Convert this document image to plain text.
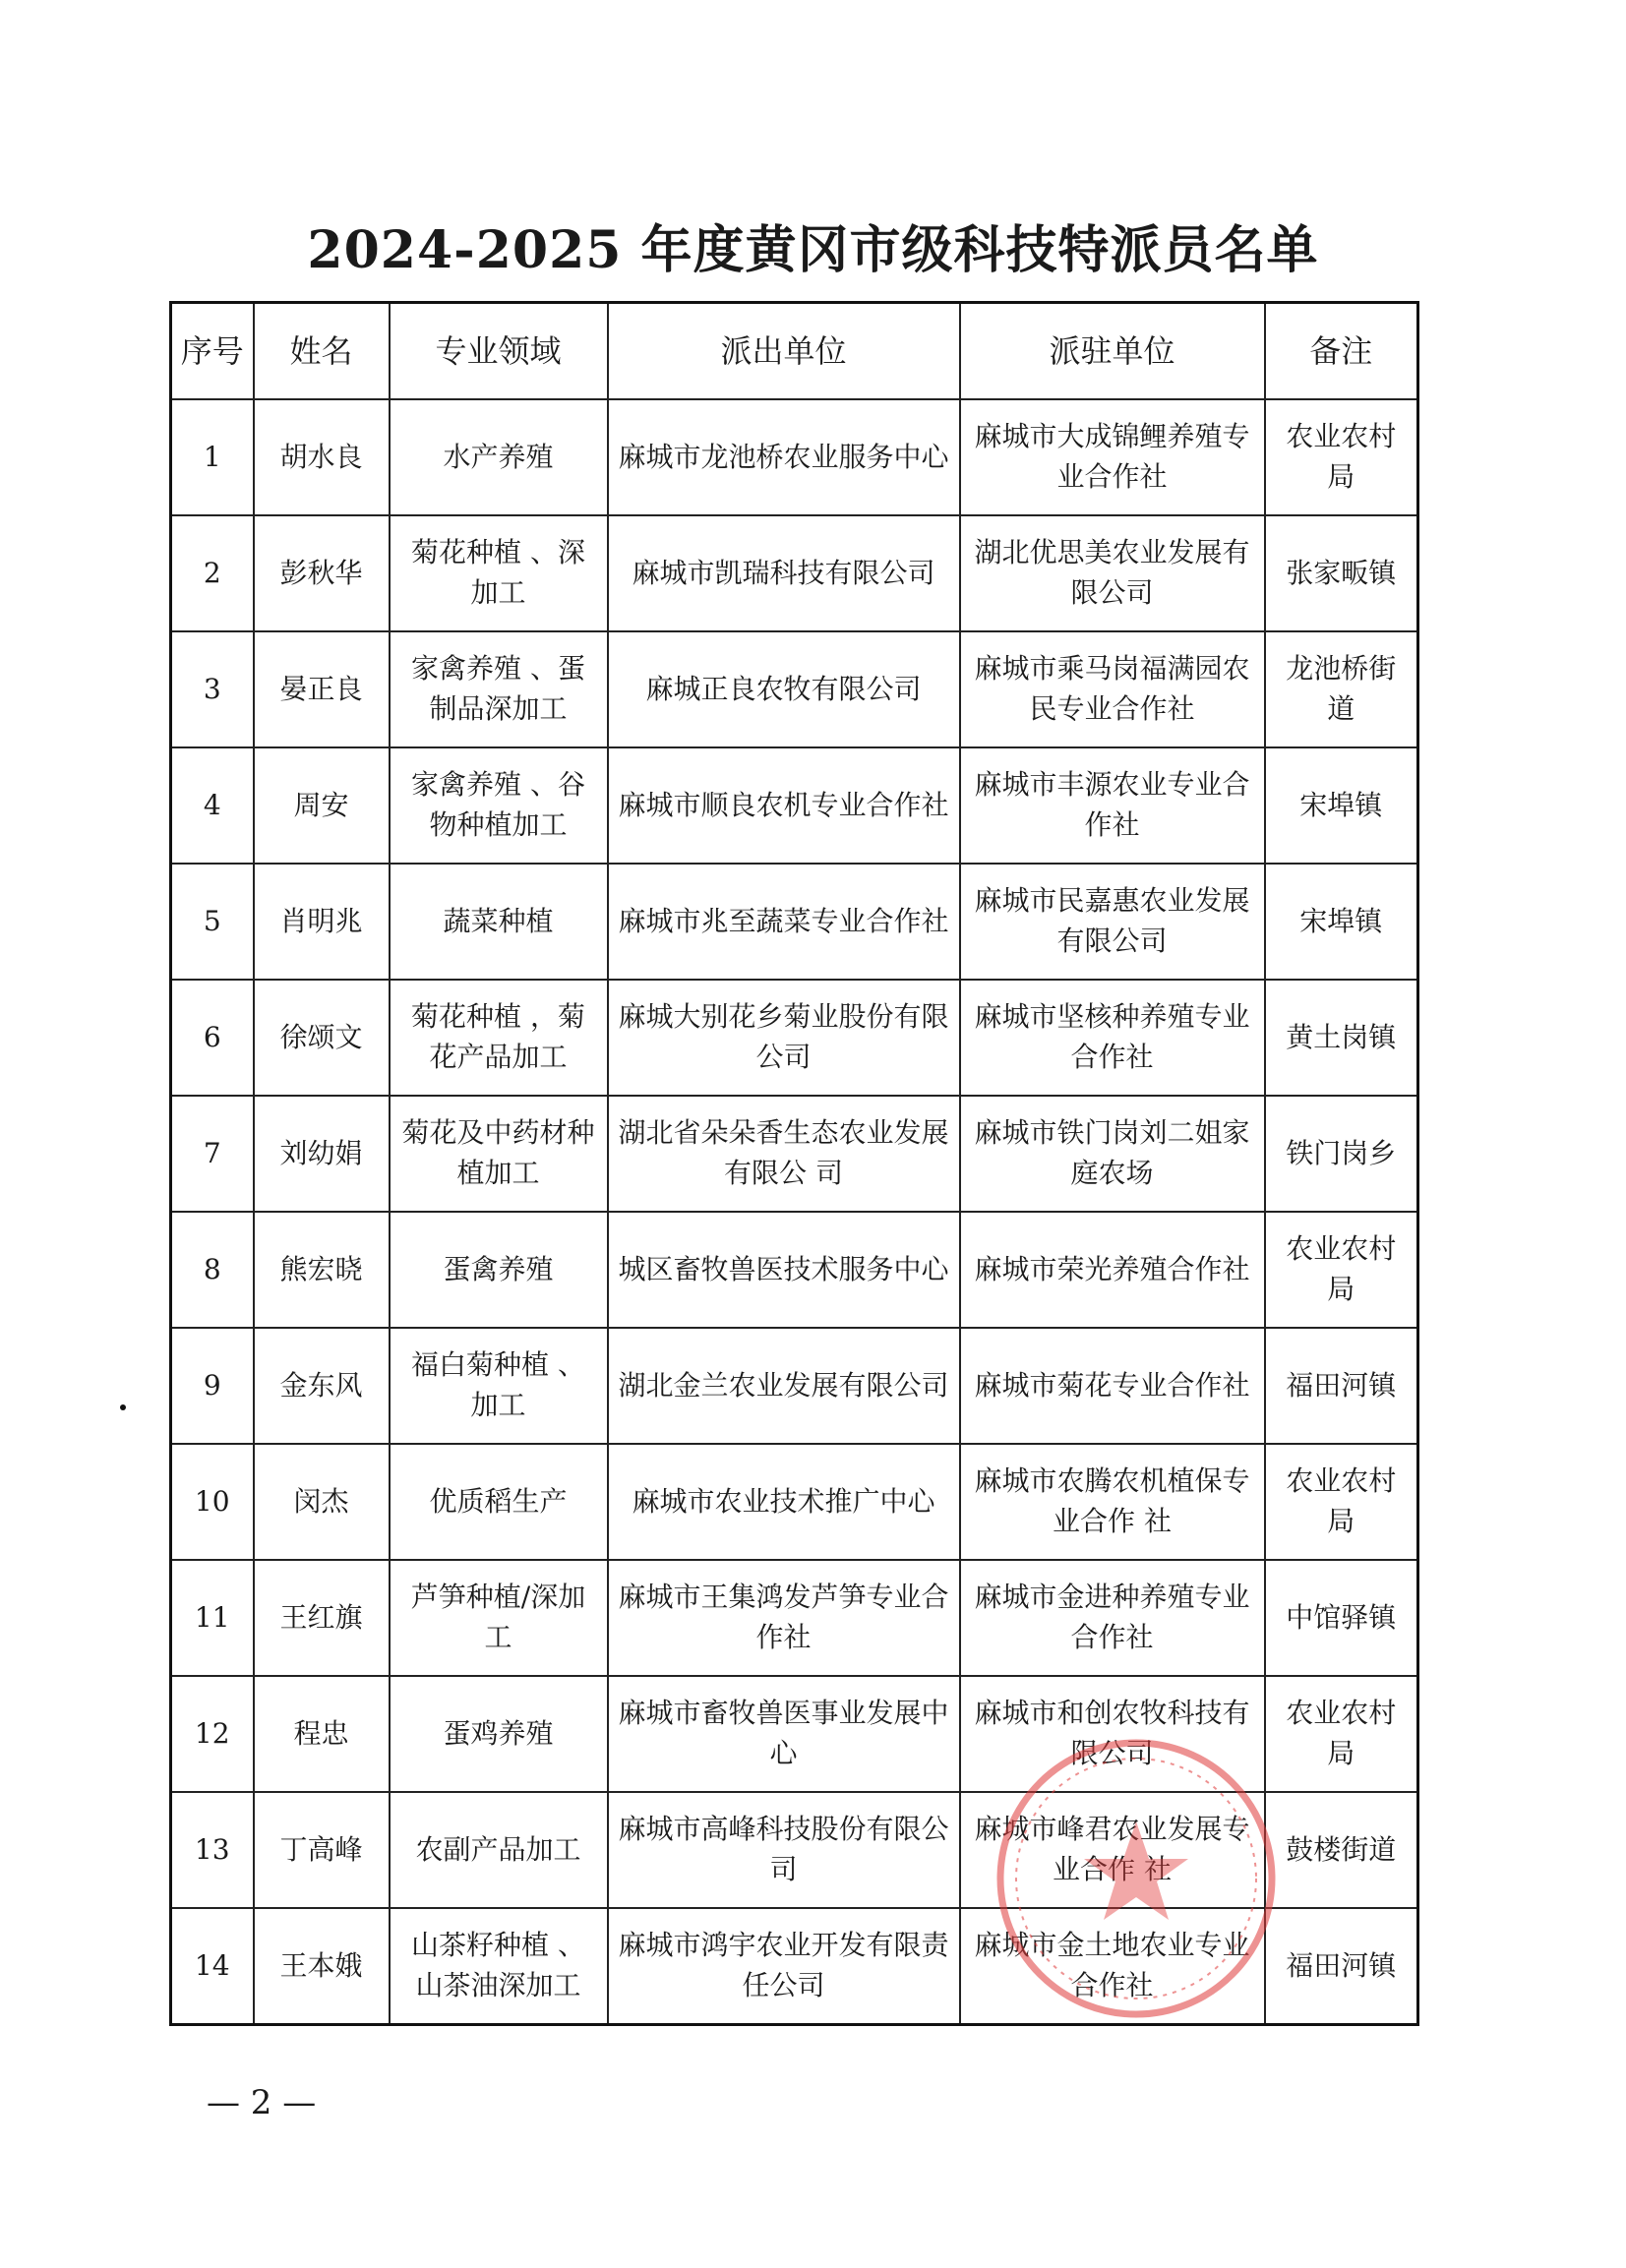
2024-2025 年度黄冈市级科技特派员名单
序号	姓名	专业领域	派出单位	派驻单位	备注
1	胡水良	水产养殖	麻城市龙池桥农业服务中心	麻城市大成锦鲤养殖专业合作社	农业农村局
2	彭秋华	菊花种植 、深加工	麻城市凯瑞科技有限公司	湖北优思美农业发展有限公司	张家畈镇
3	晏正良	家禽养殖 、蛋制品深加工	麻城正良农牧有限公司	麻城市乘马岗福满园农民专业合作社	龙池桥街道
4	周安	家禽养殖 、谷物种植加工	麻城市顺良农机专业合作社	麻城市丰源农业专业合作社	宋埠镇
5	肖明兆	蔬菜种植	麻城市兆至蔬菜专业合作社	麻城市民嘉惠农业发展有限公司	宋埠镇
6	徐颂文	菊花种植 ，菊花产品加工	麻城大别花乡菊业股份有限公司	麻城市坚核种养殖专业合作社	黄土岗镇
7	刘幼娟	菊花及中药材种植加工	湖北省朵朵香生态农业发展有限公 司	麻城市铁门岗刘二姐家庭农场	铁门岗乡
8	熊宏晓	蛋禽养殖	城区畜牧兽医技术服务中心	麻城市荣光养殖合作社	农业农村局
9	金东风	福白菊种植 、加工	湖北金兰农业发展有限公司	麻城市菊花专业合作社	福田河镇
10	闵杰	优质稻生产	麻城市农业技术推广中心	麻城市农腾农机植保专业合作 社	农业农村局
11	王红旗	芦笋种植/深加工	麻城市王集鸿发芦笋专业合作社	麻城市金进种养殖专业合作社	中馆驿镇
12	程忠	蛋鸡养殖	麻城市畜牧兽医事业发展中心	麻城市和创农牧科技有限公司	农业农村局
13	丁高峰	农副产品加工	麻城市高峰科技股份有限公司	麻城市峰君农业发展专业合作 社	鼓楼街道
14	王本娥	山茶籽种植 、山茶油深加工	麻城市鸿宇农业开发有限责任公司	麻城市金土地农业专业合作社	福田河镇
— 2 —
